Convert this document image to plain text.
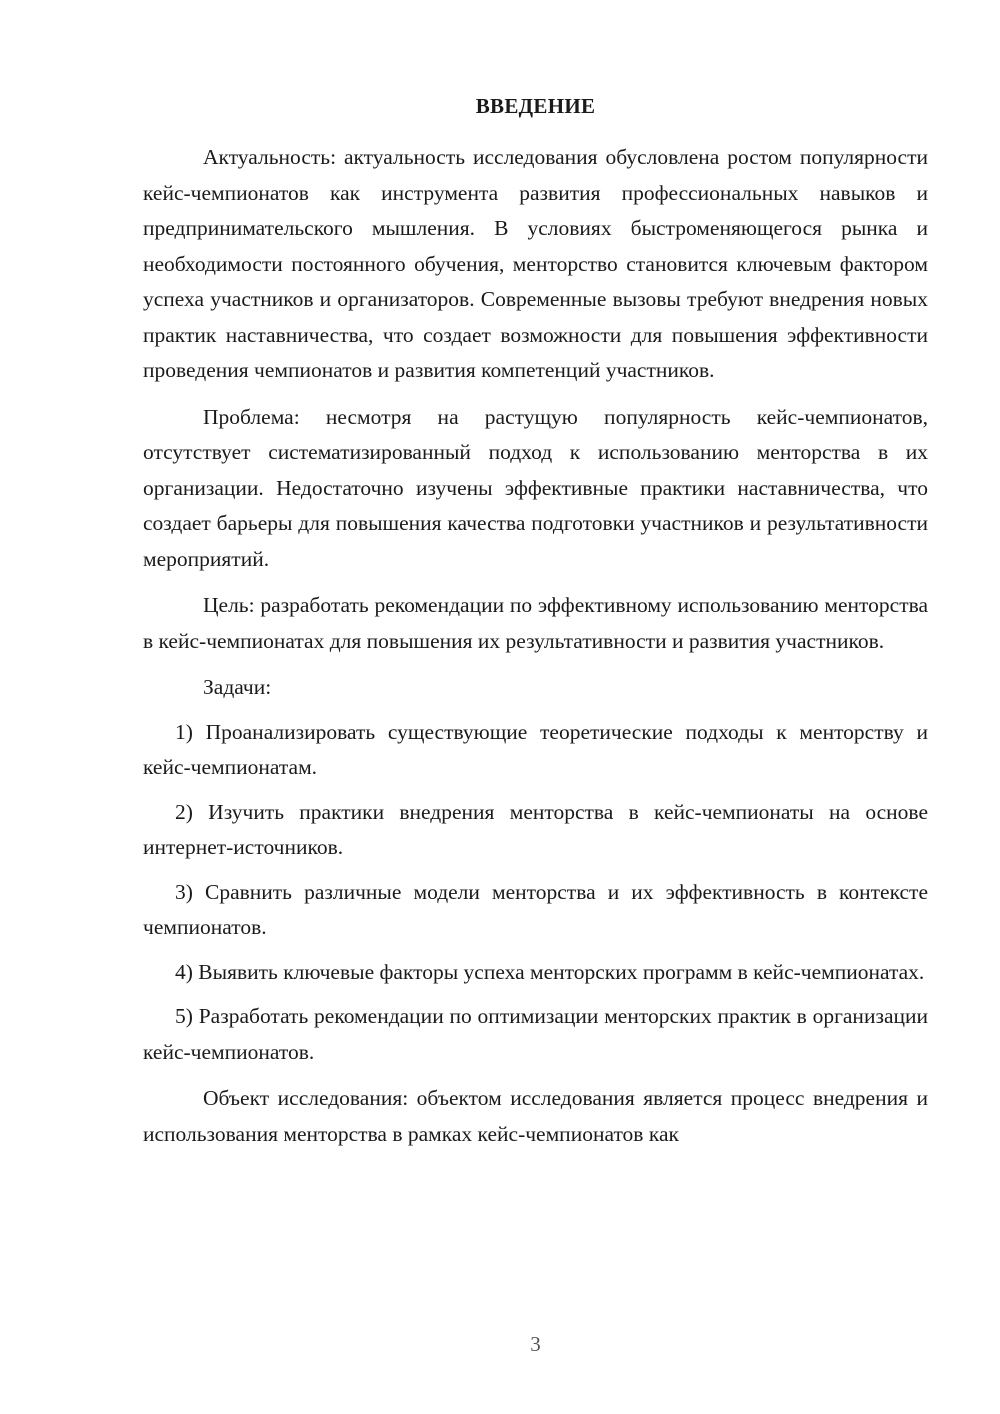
ВВЕДЕНИЕ

Актуальность: актуальность исследования обусловлена ростом популярности кейс-чемпионатов как инструмента развития профессиональных навыков и предпринимательского мышления. В условиях быстроменяющегося рынка и необходимости постоянного обучения, менторство становится ключевым фактором успеха участников и организаторов. Современные вызовы требуют внедрения новых практик наставничества, что создает возможности для повышения эффективности проведения чемпионатов и развития компетенций участников.

Проблема: несмотря на растущую популярность кейс-чемпионатов, отсутствует систематизированный подход к использованию менторства в их организации. Недостаточно изучены эффективные практики наставничества, что создает барьеры для повышения качества подготовки участников и результативности мероприятий.

Цель: разработать рекомендации по эффективному использованию менторства в кейс-чемпионатах для повышения их результативности и развития участников.

Задачи:

1) Проанализировать существующие теоретические подходы к менторству и кейс-чемпионатам.

2) Изучить практики внедрения менторства в кейс-чемпионаты на основе интернет-источников.

3) Сравнить различные модели менторства и их эффективность в контексте чемпионатов.

4) Выявить ключевые факторы успеха менторских программ в кейс-чемпионатах.

5) Разработать рекомендации по оптимизации менторских практик в организации кейс-чемпионатов.

Объект исследования: объектом исследования является процесс внедрения и использования менторства в рамках кейс-чемпионатов как

3
